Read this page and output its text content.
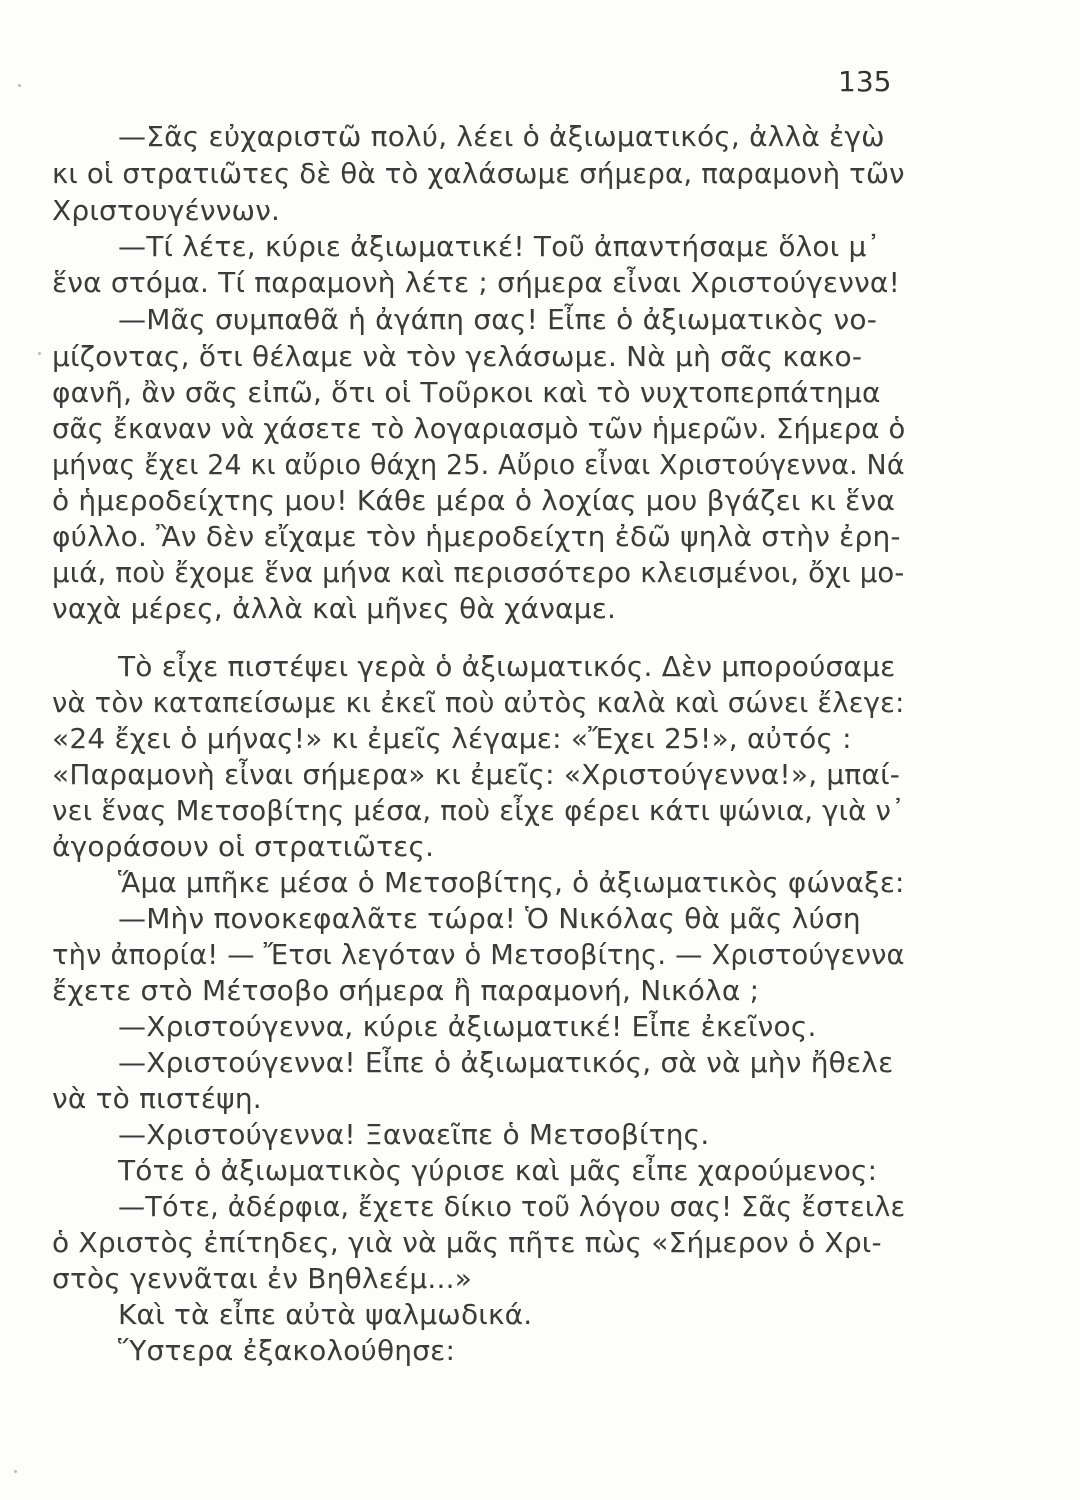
135
—Σᾶς εὐχαριστῶ πολύ, λέει ὁ ἀξιωματικός, ἀλλὰ ἐγὼ
κι οἱ στρατιῶτες δὲ θὰ τὸ χαλάσωμε σήμερα, παραμονὴ τῶν
Χριστουγέννων.
—Τί λέτε, κύριε ἀξιωματικέ! Τοῦ ἀπαντήσαμε ὅλοι μ᾽
ἕνα στόμα. Τί παραμονὴ λέτε ; σήμερα εἶναι Χριστούγεννα!
—Μᾶς συμπαθᾶ ἡ ἀγάπη σας! Εἶπε ὁ ἀξιωματικὸς νο-
μίζοντας, ὅτι θέλαμε νὰ τὸν γελάσωμε. Νὰ μὴ σᾶς κακο-
φανῆ, ἂν σᾶς εἰπῶ, ὅτι οἱ Τοῦρκοι καὶ τὸ νυχτοπερπάτημα
σᾶς ἔκαναν νὰ χάσετε τὸ λογαριασμὸ τῶν ἡμερῶν. Σήμερα ὁ
μήνας ἔχει 24 κι αὔριο θάχη 25. Αὔριο εἶναι Χριστούγεννα. Νά
ὁ ἡμεροδείχτης μου! Κάθε μέρα ὁ λοχίας μου βγάζει κι ἕνα
φύλλο. Ἂν δὲν εἴχαμε τὸν ἡμεροδείχτη ἐδῶ ψηλὰ στὴν ἐρη-
μιά, ποὺ ἔχομε ἕνα μήνα καὶ περισσότερο κλεισμένοι, ὄχι μο-
ναχὰ μέρες, ἀλλὰ καὶ μῆνες θὰ χάναμε.
Τὸ εἶχε πιστέψει γερὰ ὁ ἀξιωματικός. Δὲν μπορούσαμε
νὰ τὸν καταπείσωμε κι ἐκεῖ ποὺ αὐτὸς καλὰ καὶ σώνει ἔλεγε:
«24 ἔχει ὁ μήνας!» κι ἐμεῖς λέγαμε: «Ἔχει 25!», αὐτός :
«Παραμονὴ εἶναι σήμερα» κι ἐμεῖς: «Χριστούγεννα!», μπαί-
νει ἕνας Μετσοβίτης μέσα, ποὺ εἶχε φέρει κάτι ψώνια, γιὰ ν᾽
ἀγοράσουν οἱ στρατιῶτες.
Ἅμα μπῆκε μέσα ὁ Μετσοβίτης, ὁ ἀξιωματικὸς φώναξε:
—Μὴν πονοκεφαλᾶτε τώρα! Ὁ Νικόλας θὰ μᾶς λύση
τὴν ἀπορία! — Ἔτσι λεγόταν ὁ Μετσοβίτης. — Χριστούγεννα
ἔχετε στὸ Μέτσοβο σήμερα ἢ παραμονή, Νικόλα ;
—Χριστούγεννα, κύριε ἀξιωματικέ! Εἶπε ἐκεῖνος.
—Χριστούγεννα! Εἶπε ὁ ἀξιωματικός, σὰ νὰ μὴν ἤθελε
νὰ τὸ πιστέψη.
—Χριστούγεννα! Ξαναεῖπε ὁ Μετσοβίτης.
Τότε ὁ ἀξιωματικὸς γύρισε καὶ μᾶς εἶπε χαρούμενος:
—Τότε, ἀδέρφια, ἔχετε δίκιο τοῦ λόγου σας! Σᾶς ἔστειλε
ὁ Χριστὸς ἐπίτηδες, γιὰ νὰ μᾶς πῆτε πὼς «Σήμερον ὁ Χρι-
στὸς γεννᾶται ἐν Βηθλεέμ...»
Καὶ τὰ εἶπε αὐτὰ ψαλμωδικά.
Ὕστερα ἐξακολούθησε:
